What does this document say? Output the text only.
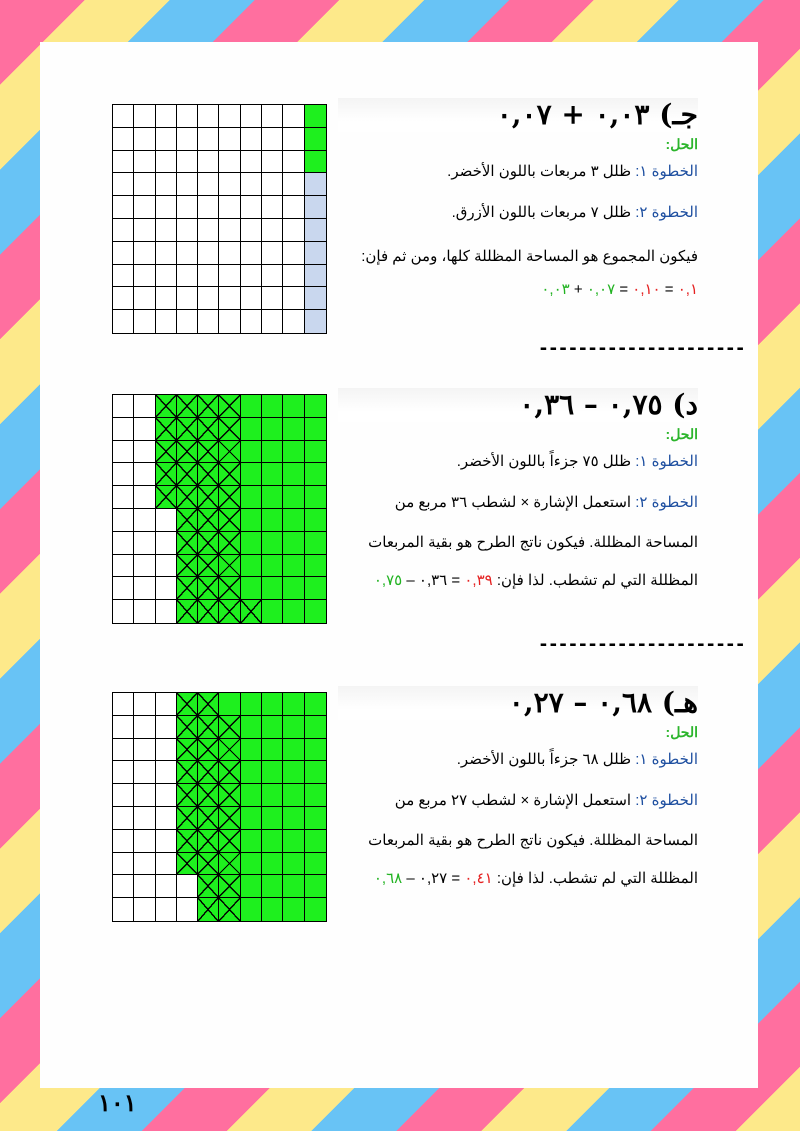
جـ) ٠,٠٣ + ٠,٠٧
الحل:
الخطوة ١: ظلل ٣ مربعات باللون الأخضر.
الخطوة ٢: ظلل ٧ مربعات باللون الأزرق.
فيكون المجموع هو المساحة المظللة كلها، ومن ثم فإن:
٠,١ = ٠,١٠ = ٠,٠٧ + ٠,٠٣
---------------------
د) ٠,٧٥ – ٠,٣٦
الحل:
الخطوة ١: ظلل ٧٥ جزءاً باللون الأخضر.
الخطوة ٢: استعمل الإشارة × لشطب ٣٦ مربع من
المساحة المظللة. فيكون ناتج الطرح هو بقية المربعات
المظللة التي لم تشطب. لذا فإن: ٠,٣٩ = ٠,٣٦ – ٠,٧٥
---------------------
هـ) ٠,٦٨ – ٠,٢٧
الحل:
الخطوة ١: ظلل ٦٨ جزءاً باللون الأخضر.
الخطوة ٢: استعمل الإشارة × لشطب ٢٧ مربع من
المساحة المظللة. فيكون ناتج الطرح هو بقية المربعات
المظللة التي لم تشطب. لذا فإن: ٠,٤١ = ٠,٢٧ – ٠,٦٨
١٠١
